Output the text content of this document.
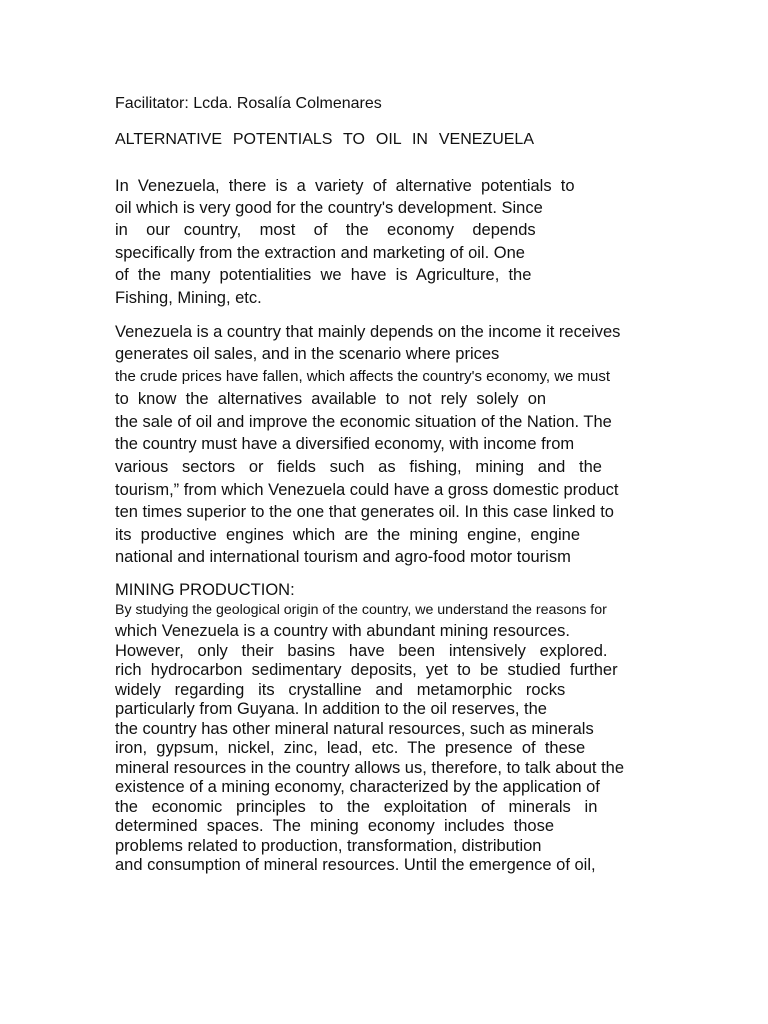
Facilitator: Lcda. Rosalía Colmenares
ALTERNATIVE  POTENTIALS  TO  OIL  IN  VENEZUELA
In  Venezuela,  there  is  a  variety  of  alternative  potentials  to
oil which is very good for the country's development. Since
in    our   country,    most    of    the    economy    depends
specifically from the extraction and marketing of oil. One
of  the  many  potentialities  we  have  is  Agriculture,  the
Fishing, Mining, etc.
Venezuela is a country that mainly depends on the income it receives
generates oil sales, and in the scenario where prices
the crude prices have fallen, which affects the country's economy, we must
to  know  the  alternatives  available  to  not  rely  solely  on
the sale of oil and improve the economic situation of the Nation. The
the country must have a diversified economy, with income from
various   sectors   or   fields   such   as   fishing,   mining   and   the
tourism,” from which Venezuela could have a gross domestic product
ten times superior to the one that generates oil. In this case linked to
its  productive  engines  which  are  the  mining  engine,  engine
national and international tourism and agro-food motor tourism
MINING PRODUCTION:
By studying the geological origin of the country, we understand the reasons for
which Venezuela is a country with abundant mining resources.
However,   only   their   basins   have   been   intensively   explored.
rich  hydrocarbon  sedimentary  deposits,  yet  to  be  studied  further
widely   regarding   its   crystalline   and   metamorphic   rocks
particularly from Guyana. In addition to the oil reserves, the
the country has other mineral natural resources, such as minerals
iron,  gypsum,  nickel,  zinc,  lead,  etc.  The  presence  of  these
mineral resources in the country allows us, therefore, to talk about the
existence of a mining economy, characterized by the application of
the   economic   principles   to   the   exploitation   of   minerals   in
determined  spaces.  The  mining  economy  includes  those
problems related to production, transformation, distribution
and consumption of mineral resources. Until the emergence of oil,
